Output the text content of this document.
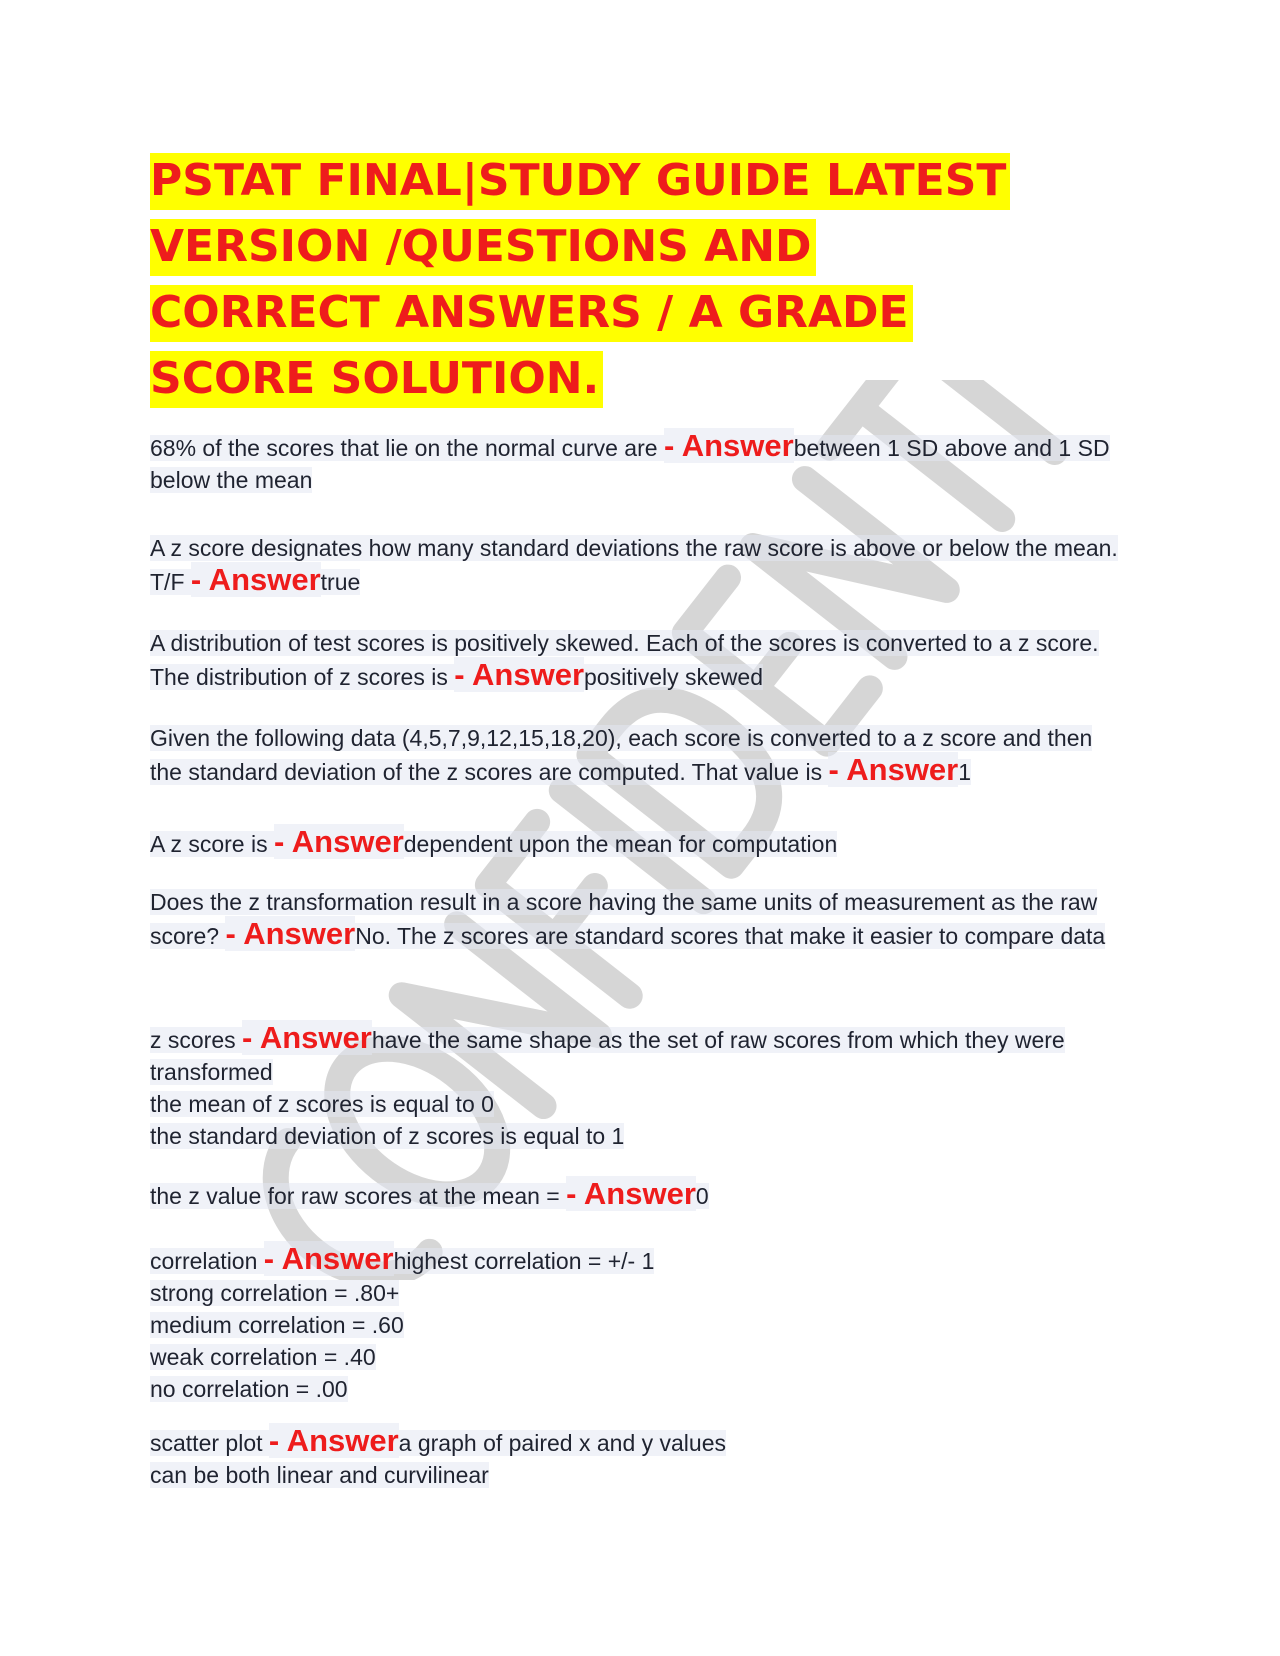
PSTAT FINAL|STUDY GUIDE LATEST VERSION /QUESTIONS AND CORRECT ANSWERS / A GRADE SCORE SOLUTION.

68% of the scores that lie on the normal curve are - Answerbetween 1 SD above and 1 SD below the mean

A z score designates how many standard deviations the raw score is above or below the mean. T/F - Answertrue

A distribution of test scores is positively skewed. Each of the scores is converted to a z score. The distribution of z scores is - Answerpositively skewed

Given the following data (4,5,7,9,12,15,18,20), each score is converted to a z score and then the standard deviation of the z scores are computed. That value is - Answer1

A z score is - Answerdependent upon the mean for computation

Does the z transformation result in a score having the same units of measurement as the raw score? - AnswerNo. The z scores are standard scores that make it easier to compare data

z scores - Answerhave the same shape as the set of raw scores from which they were transformed
the mean of z scores is equal to 0
the standard deviation of z scores is equal to 1

the z value for raw scores at the mean = - Answer0

correlation - Answerhighest correlation = +/- 1
strong correlation = .80+
medium correlation = .60
weak correlation = .40
no correlation = .00

scatter plot - Answera graph of paired x and y values
can be both linear and curvilinear
